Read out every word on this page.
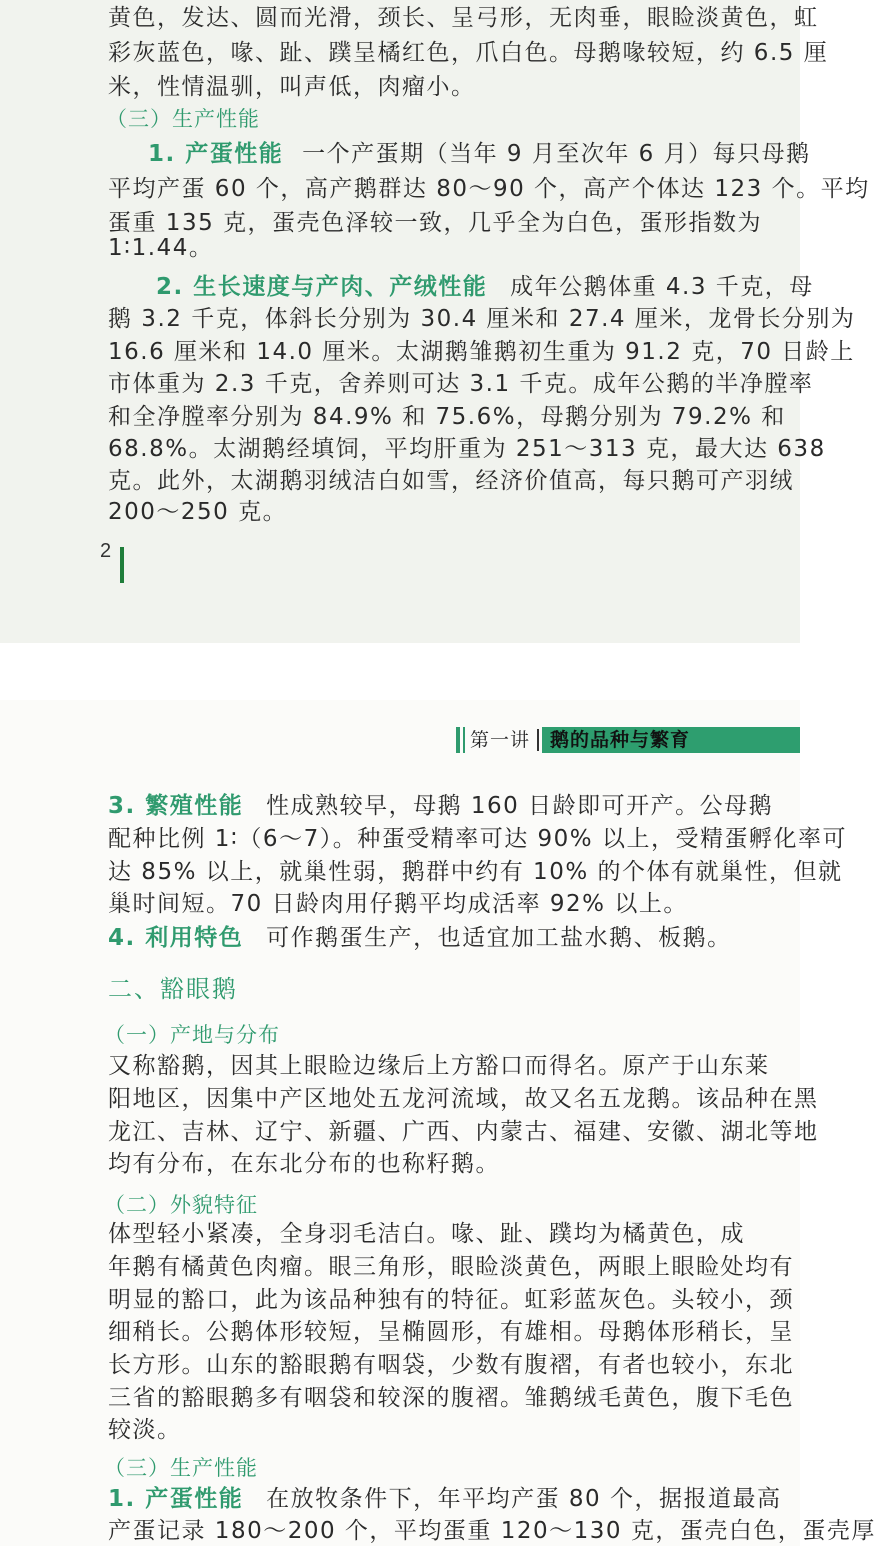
黄色，发达、圆而光滑，颈长、呈弓形，无肉垂，眼睑淡黄色，虹
彩灰蓝色，喙、趾、蹼呈橘红色，爪白色。母鹅喙较短，约 6.5 厘
米，性情温驯，叫声低，肉瘤小。
（三）生产性能
1. 产蛋性能 一个产蛋期（当年 9 月至次年 6 月）每只母鹅
平均产蛋 60 个，高产鹅群达 80～90 个，高产个体达 123 个。平均
蛋重 135 克，蛋壳色泽较一致，几乎全为白色，蛋形指数为
1∶1.44。
2. 生长速度与产肉、产绒性能 成年公鹅体重 4.3 千克，母
鹅 3.2 千克，体斜长分别为 30.4 厘米和 27.4 厘米，龙骨长分别为
16.6 厘米和 14.0 厘米。太湖鹅雏鹅初生重为 91.2 克，70 日龄上
市体重为 2.3 千克，舍养则可达 3.1 千克。成年公鹅的半净膛率
和全净膛率分别为 84.9% 和 75.6%，母鹅分别为 79.2% 和
68.8%。太湖鹅经填饲，平均肝重为 251～313 克，最大达 638
克。此外，太湖鹅羽绒洁白如雪，经济价值高，每只鹅可产羽绒
200～250 克。
2
第一讲 鹅的品种与繁育
3. 繁殖性能 性成熟较早，母鹅 160 日龄即可开产。公母鹅
配种比例 1∶（6～7）。种蛋受精率可达 90% 以上，受精蛋孵化率可
达 85% 以上，就巢性弱，鹅群中约有 10% 的个体有就巢性，但就
巢时间短。70 日龄肉用仔鹅平均成活率 92% 以上。
4. 利用特色 可作鹅蛋生产，也适宜加工盐水鹅、板鹅。
二、豁眼鹅
（一）产地与分布
又称豁鹅，因其上眼睑边缘后上方豁口而得名。原产于山东莱
阳地区，因集中产区地处五龙河流域，故又名五龙鹅。该品种在黑
龙江、吉林、辽宁、新疆、广西、内蒙古、福建、安徽、湖北等地
均有分布，在东北分布的也称籽鹅。
（二）外貌特征
体型轻小紧凑，全身羽毛洁白。喙、趾、蹼均为橘黄色，成
年鹅有橘黄色肉瘤。眼三角形，眼睑淡黄色，两眼上眼睑处均有
明显的豁口，此为该品种独有的特征。虹彩蓝灰色。头较小，颈
细稍长。公鹅体形较短，呈椭圆形，有雄相。母鹅体形稍长，呈
长方形。山东的豁眼鹅有咽袋，少数有腹褶，有者也较小，东北
三省的豁眼鹅多有咽袋和较深的腹褶。雏鹅绒毛黄色，腹下毛色
较淡。
（三）生产性能
1. 产蛋性能 在放牧条件下，年平均产蛋 80 个，据报道最高
产蛋记录 180～200 个，平均蛋重 120～130 克，蛋壳白色，蛋壳厚
